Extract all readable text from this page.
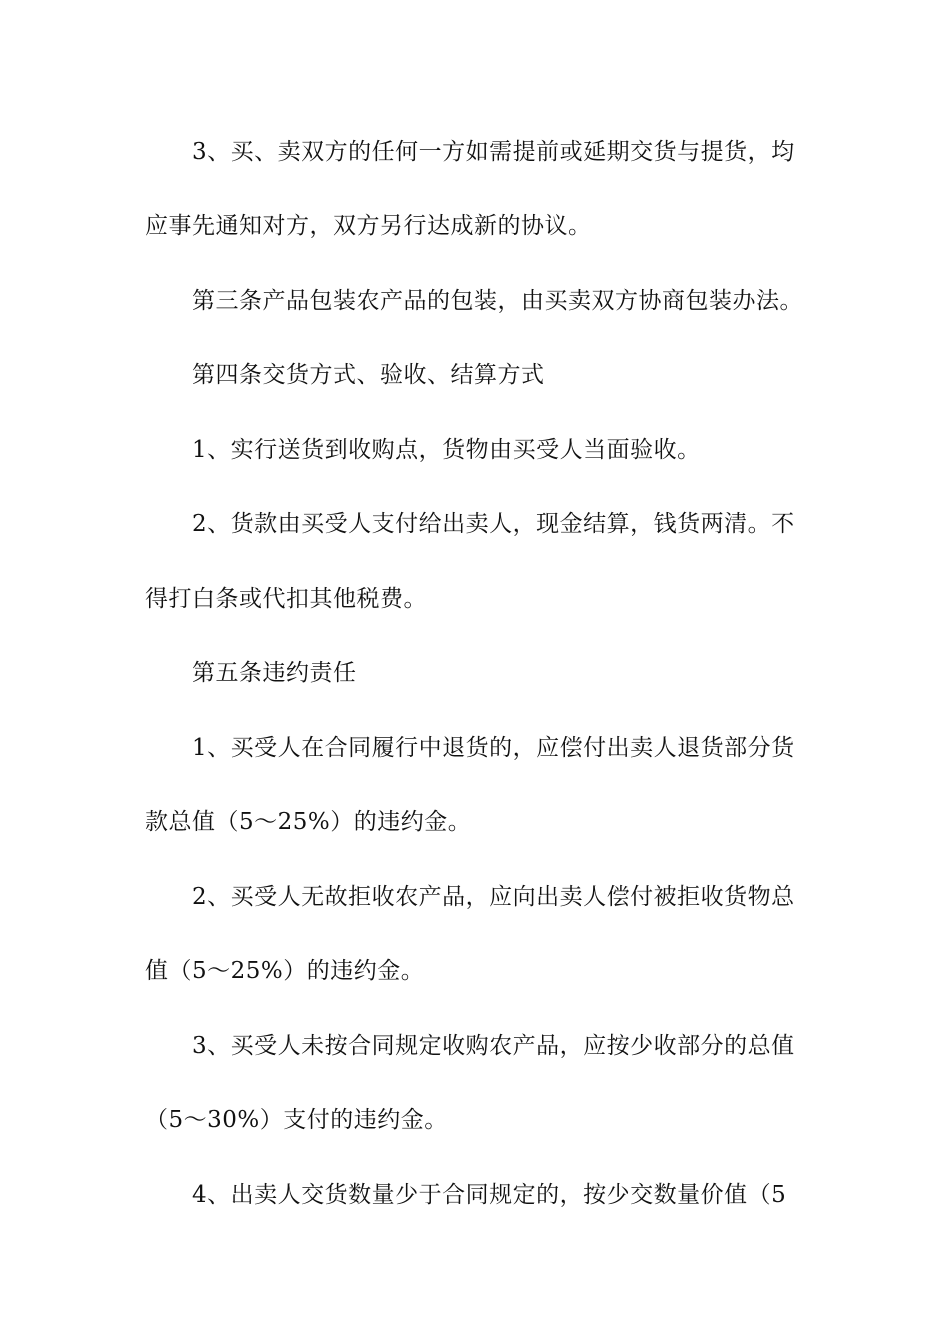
3、买、卖双方的任何一方如需提前或延期交货与提货，均
应事先通知对方，双方另行达成新的协议。
第三条产品包装农产品的包装，由买卖双方协商包装办法。
第四条交货方式、验收、结算方式
1、实行送货到收购点，货物由买受人当面验收。
2、货款由买受人支付给出卖人，现金结算，钱货两清。不
得打白条或代扣其他税费。
第五条违约责任
1、买受人在合同履行中退货的，应偿付出卖人退货部分货
款总值（5～25%）的违约金。
2、买受人无故拒收农产品，应向出卖人偿付被拒收货物总
值（5～25%）的违约金。
3、买受人未按合同规定收购农产品，应按少收部分的总值
（5～30%）支付的违约金。
4、出卖人交货数量少于合同规定的，按少交数量价值（5
